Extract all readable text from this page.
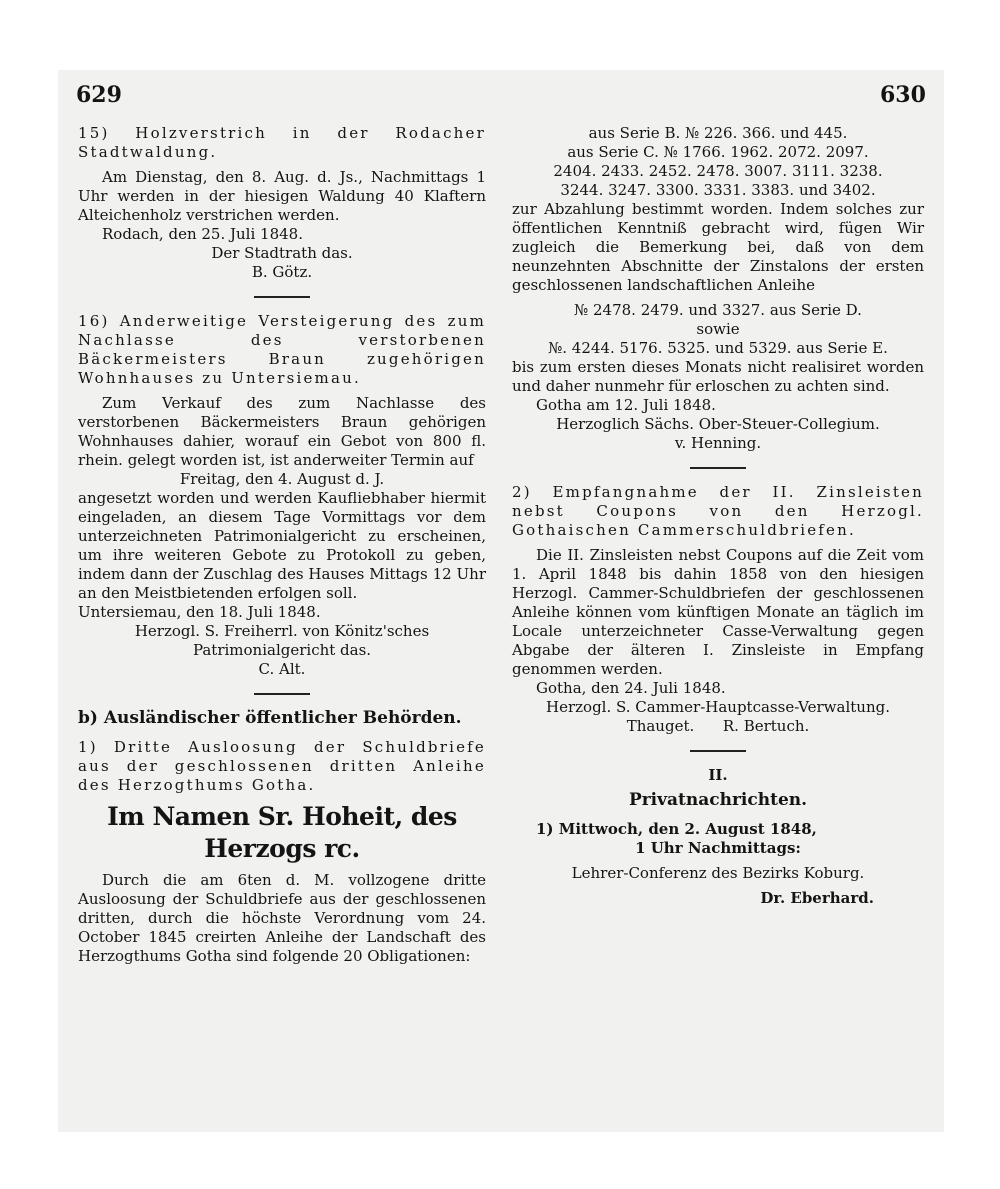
629	630

15) Holzverstrich in der Rodacher Stadtwaldung.

Am Dienstag, den 8. Aug. d. Js., Nachmittags 1 Uhr werden in der hiesigen Waldung 40 Klaftern Alteichenholz verstrichen werden.

Rodach, den 25. Juli 1848.

Der Stadtrath das.

B. Götz.

16) Anderweitige Versteigerung des zum Nachlasse des verstorbenen Bäckermeisters Braun zugehörigen Wohnhauses zu Untersiemau.

Zum Verkauf des zum Nachlasse des verstorbenen Bäckermeisters Braun gehörigen Wohnhauses dahier, worauf ein Gebot von 800 fl. rhein. gelegt worden ist, ist anderweiter Termin auf

Freitag, den 4. August d. J.

angesetzt worden und werden Kaufliebhaber hiermit eingeladen, an diesem Tage Vormittags vor dem unterzeichneten Patrimonialgericht zu erscheinen, um ihre weiteren Gebote zu Protokoll zu geben, indem dann der Zuschlag des Hauses Mittags 12 Uhr an den Meistbietenden erfolgen soll.

Untersiemau, den 18. Juli 1848.

Herzogl. S. Freiherrl. von Könitz'sches Patrimonialgericht das.

C. Alt.

b) Ausländischer öffentlicher Behörden.

1) Dritte Ausloosung der Schuldbriefe aus der geschlossenen dritten Anleihe des Herzogthums Gotha.

Im Namen Sr. Hoheit, des Herzogs rc.

Durch die am 6ten d. M. vollzogene dritte Ausloosung der Schuldbriefe aus der geschlossenen dritten, durch die höchste Verordnung vom 24. October 1845 creirten Anleihe der Landschaft des Herzogthums Gotha sind folgende 20 Obligationen:

aus Serie B. № 226. 366. und 445.

aus Serie C. № 1766. 1962. 2072. 2097.

2404. 2433. 2452. 2478. 3007. 3111. 3238.

3244. 3247. 3300. 3331. 3383. und 3402.

zur Abzahlung bestimmt worden. Indem solches zur öffentlichen Kenntniß gebracht wird, fügen Wir zugleich die Bemerkung bei, daß von dem neunzehnten Abschnitte der Zinstalons der ersten geschlossenen landschaftlichen Anleihe

№ 2478. 2479. und 3327. aus Serie D.

sowie

№. 4244. 5176. 5325. und 5329. aus Serie E.

bis zum ersten dieses Monats nicht realisiret worden und daher nunmehr für erloschen zu achten sind.

Gotha am 12. Juli 1848.

Herzoglich Sächs. Ober-Steuer-Collegium.

v. Henning.

2) Empfangnahme der II. Zinsleisten nebst Coupons von den Herzogl. Gothaischen Cammerschuldbriefen.

Die II. Zinsleisten nebst Coupons auf die Zeit vom 1. April 1848 bis dahin 1858 von den hiesigen Herzogl. Cammer-Schuldbriefen der geschlossenen Anleihe können vom künftigen Monate an täglich im Locale unterzeichneter Casse-Verwaltung gegen Abgabe der älteren I. Zinsleiste in Empfang genommen werden.

Gotha, den 24. Juli 1848.

Herzogl. S. Cammer-Hauptcasse-Verwaltung.

Thauget. R. Bertuch.

II.

Privatnachrichten.

1) Mittwoch, den 2. August 1848,

1 Uhr Nachmittags:

Lehrer-Conferenz des Bezirks Koburg.

Dr. Eberhard.
